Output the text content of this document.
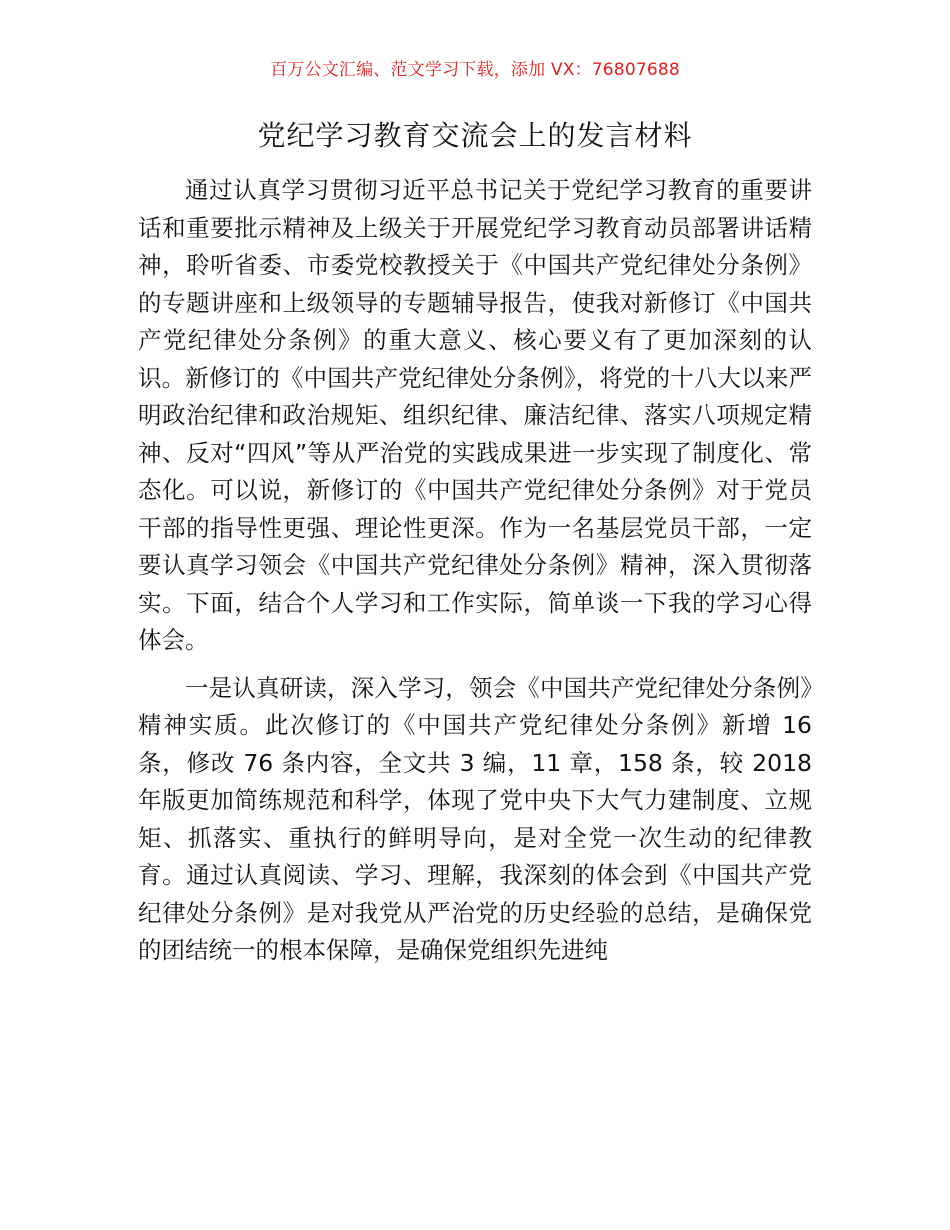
百万公文汇编、范文学习下载，添加 VX：76807688
党纪学习教育交流会上的发言材料

通过认真学习贯彻习近平总书记关于党纪学习教育的重要讲话和重要批示精神及上级关于开展党纪学习教育动员部署讲话精神，聆听省委、市委党校教授关于《中国共产党纪律处分条例》的专题讲座和上级领导的专题辅导报告，使我对新修订《中国共产党纪律处分条例》的重大意义、核心要义有了更加深刻的认识。新修订的《中国共产党纪律处分条例》，将党的十八大以来严明政治纪律和政治规矩、组织纪律、廉洁纪律、落实八项规定精神、反对“四风”等从严治党的实践成果进一步实现了制度化、常态化。可以说，新修订的《中国共产党纪律处分条例》对于党员干部的指导性更强、理论性更深。作为一名基层党员干部，一定要认真学习领会《中国共产党纪律处分条例》精神，深入贯彻落实。下面，结合个人学习和工作实际，简单谈一下我的学习心得体会。

一是认真研读，深入学习，领会《中国共产党纪律处分条例》精神实质。此次修订的《中国共产党纪律处分条例》新增 16 条，修改 76 条内容，全文共 3 编，11 章，158 条，较 2018 年版更加简练规范和科学，体现了党中央下大气力建制度、立规矩、抓落实、重执行的鲜明导向，是对全党一次生动的纪律教育。通过认真阅读、学习、理解，我深刻的体会到《中国共产党纪律处分条例》是对我党从严治党的历史经验的总结，是确保党的团结统一的根本保障，是确保党组织先进纯
